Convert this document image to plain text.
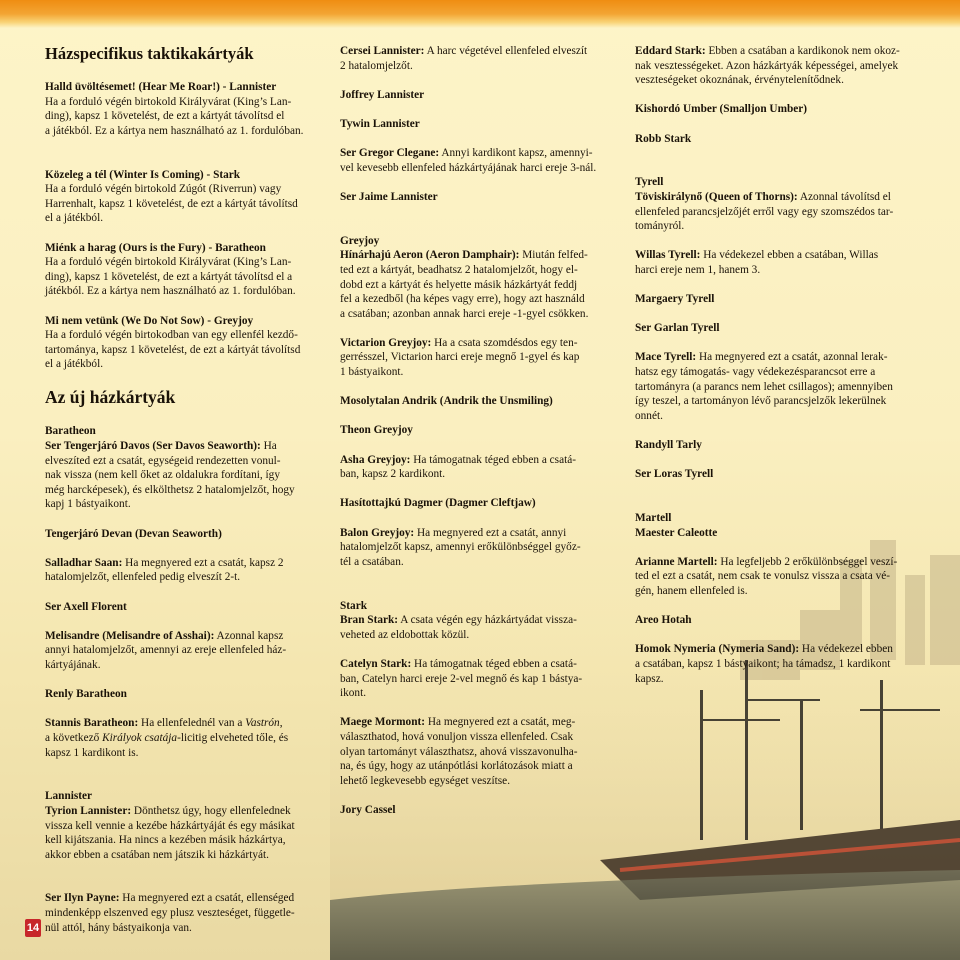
Házspecifikus taktikakártyák
Halld üvöltésemet! (Hear Me Roar!) - Lannister
Ha a forduló végén birtokold Királyvárat (King’s Lan-
ding), kapsz 1 követelést, de ezt a kártyát távolítsd el
a játékból. Ez a kártya nem használható az 1. fordulóban.
Közeleg a tél (Winter Is Coming) - Stark
Ha a forduló végén birtokold Zúgót (Riverrun) vagy
Harrenhalt, kapsz 1 követelést, de ezt a kártyát távolítsd
el a játékból.
Miénk a harag (Ours is the Fury) - Baratheon
Ha a forduló végén birtokold Királyvárat (King’s Lan-
ding), kapsz 1 követelést, de ezt a kártyát távolítsd el a
játékból. Ez a kártya nem használható az 1. fordulóban.
Mi nem vetünk (We Do Not Sow) - Greyjoy
Ha a forduló végén birtokodban van egy ellenfél kezdő-
tartománya, kapsz 1 követelést, de ezt a kártyát távolítsd
el a játékból.
Az új házkártyák
Baratheon
Ser Tengerjáró Davos (Ser Davos Seaworth): Ha
elveszíted ezt a csatát, egységeid rendezetten vonul-
nak vissza (nem kell őket az oldalukra fordítani, így
még harcképesek), és elkölthetsz 2 hatalomjelzőt, hogy
kapj 1 bástyaikont.
Tengerjáró Devan (Devan Seaworth)
Salladhar Saan: Ha megnyered ezt a csatát, kapsz 2
hatalomjelzőt, ellenfeled pedig elveszít 2-t.
Ser Axell Florent
Melisandre (Melisandre of Asshai): Azonnal kapsz
annyi hatalomjelzőt, amennyi az ereje ellenfeled ház-
kártyájának.
Renly Baratheon
Stannis Baratheon: Ha ellenfelednél van a Vastrón,
a következő Királyok csatája-licitig elveheted tőle, és
kapsz 1 kardikont is.
Lannister
Tyrion Lannister: Dönthetsz úgy, hogy ellenfelednek
vissza kell vennie a kezébe házkártyáját és egy másikat
kell kijátszania. Ha nincs a kezében másik házkártya,
akkor ebben a csatában nem játszik ki házkártyát.
Ser Ilyn Payne: Ha megnyered ezt a csatát, ellenséged
mindenképp elszenved egy plusz veszteséget, függetle-
nül attól, hány bástyaikonja van.
Cersei Lannister: A harc végetével ellenfeled elveszít
2 hatalomjelzőt.
Joffrey Lannister
Tywin Lannister
Ser Gregor Clegane: Annyi kardikont kapsz, amennyi-
vel kevesebb ellenfeled házkártyájának harci ereje 3-nál.
Ser Jaime Lannister
Greyjoy
Hínárhajú Aeron (Aeron Damphair): Miután felfed-
ted ezt a kártyát, beadhatsz 2 hatalomjelzőt, hogy el-
dobd ezt a kártyát és helyette másik házkártyát feddj
fel a kezedből (ha képes vagy erre), hogy azt használd
a csatában; azonban annak harci ereje -1-gyel csökken.
Victarion Greyjoy: Ha a csata szomdésdos egy ten-
gerrésszel, Victarion harci ereje megnő 1-gyel és kap
1 bástyaikont.
Mosolytalan Andrik (Andrik the Unsmiling)
Theon Greyjoy
Asha Greyjoy: Ha támogatnak téged ebben a csatá-
ban, kapsz 2 kardikont.
Hasítottajkú Dagmer (Dagmer Cleftjaw)
Balon Greyjoy: Ha megnyered ezt a csatát, annyi
hatalomjelzőt kapsz, amennyi erőkülönbséggel győz-
tél a csatában.
Stark
Bran Stark: A csata végén egy házkártyádat vissza-
veheted az eldobottak közül.
Catelyn Stark: Ha támogatnak téged ebben a csatá-
ban, Catelyn harci ereje 2-vel megnő és kap 1 bástya-
ikont.
Maege Mormont: Ha megnyered ezt a csatát, meg-
választhatod, hová vonuljon vissza ellenfeled. Csak
olyan tartományt választhatsz, ahová visszavonulha-
na, és úgy, hogy az utánpótlási korlátozások miatt a
lehető legkevesebb egységet veszítse.
Jory Cassel
Eddard Stark: Ebben a csatában a kardikonok nem okoz-
nak vesztességeket. Azon házkártyák képességei, amelyek
veszteségeket okoznának, érvénytelenítődnek.
Kishordó Umber (Smalljon Umber)
Robb Stark
Tyrell
Töviskirálynő (Queen of Thorns): Azonnal távolítsd el
ellenfeled parancsjelzőjét erről vagy egy szomszédos tar-
tományról.
Willas Tyrell: Ha védekezel ebben a csatában, Willas
harci ereje nem 1, hanem 3.
Margaery Tyrell
Ser Garlan Tyrell
Mace Tyrell: Ha megnyered ezt a csatát, azonnal lerak-
hatsz egy támogatás- vagy védekezésparancsot erre a
tartományra (a parancs nem lehet csillagos); amennyiben
így teszel, a tartományon lévő parancsjelzők lekerülnek
onnét.
Randyll Tarly
Ser Loras Tyrell
Martell
Maester Caleotte
Arianne Martell: Ha legfeljebb 2 erőkülönbséggel veszí-
ted el ezt a csatát, nem csak te vonulsz vissza a csata vé-
gén, hanem ellenfeled is.
Areo Hotah
Homok Nymeria (Nymeria Sand): Ha védekezel ebben
a csatában, kapsz 1 bástyaikont; ha támadsz, 1 kardikont
kapsz.
14
